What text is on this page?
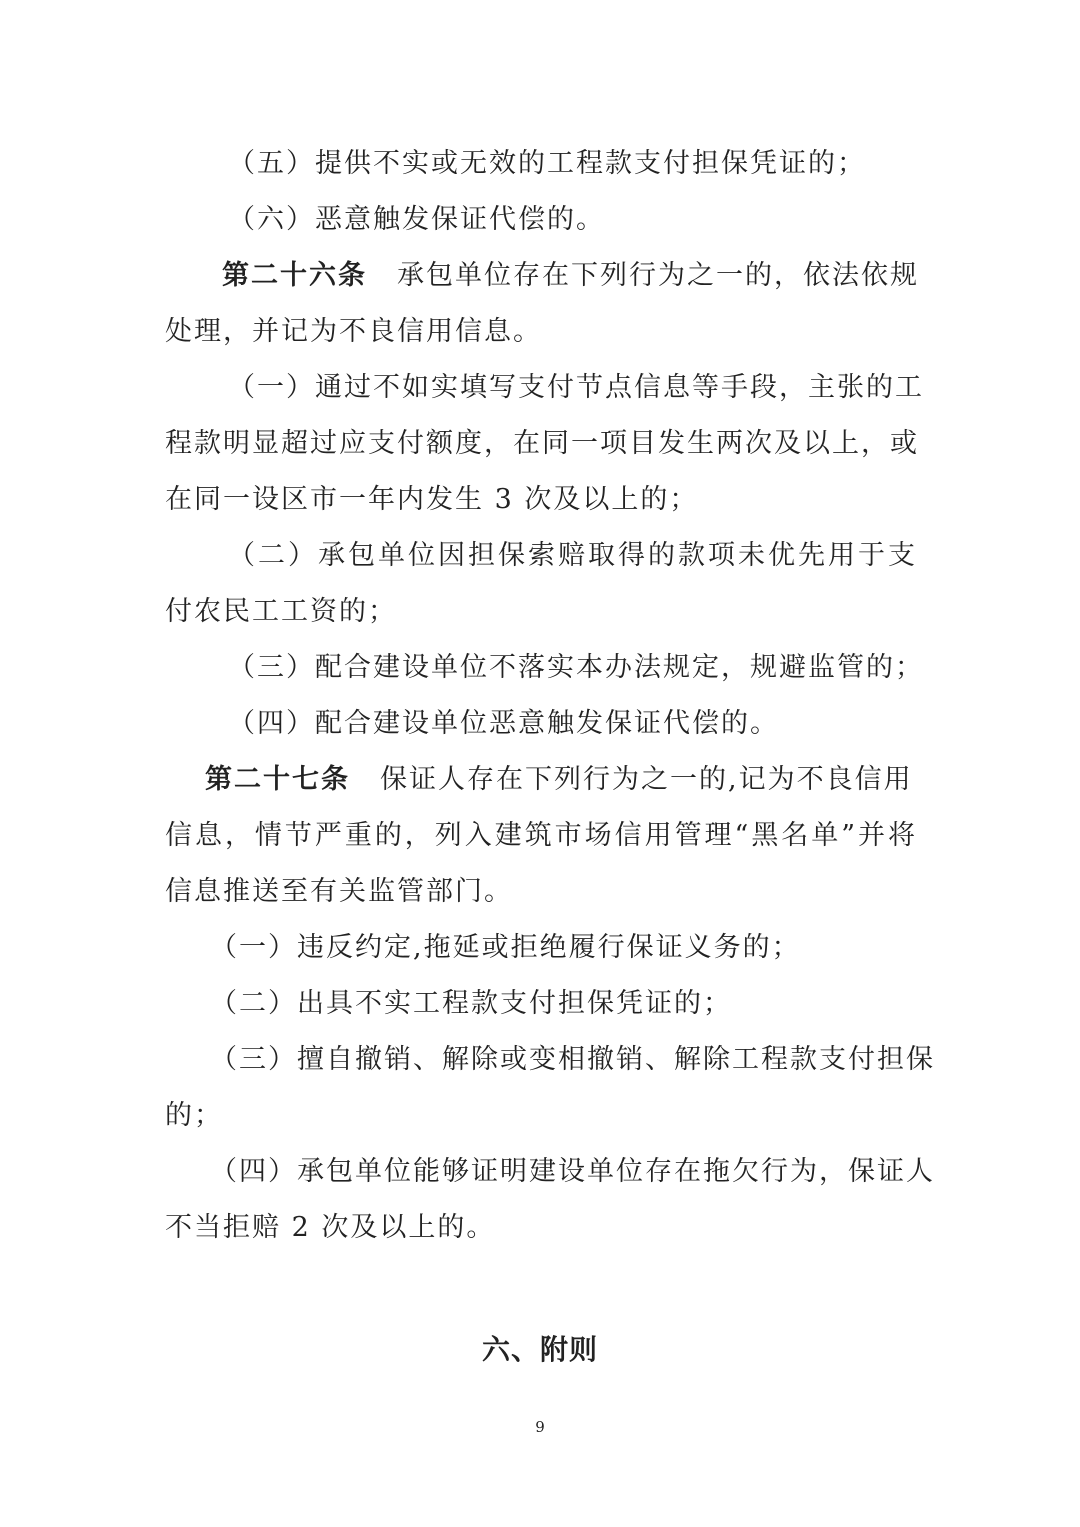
（五）提供不实或无效的工程款支付担保凭证的；
（六）恶意触发保证代偿的。
第二十六条 承包单位存在下列行为之一的，依法依规
处理，并记为不良信用信息。
（一）通过不如实填写支付节点信息等手段，主张的工
程款明显超过应支付额度，在同一项目发生两次及以上，或
在同一设区市一年内发生 3 次及以上的；
（二）承包单位因担保索赔取得的款项未优先用于支
付农民工工资的；
（三）配合建设单位不落实本办法规定，规避监管的；
（四）配合建设单位恶意触发保证代偿的。
第二十七条 保证人存在下列行为之一的,记为不良信用
信息，情节严重的，列入建筑市场信用管理“黑名单”并将
信息推送至有关监管部门。
（一）违反约定,拖延或拒绝履行保证义务的；
（二）出具不实工程款支付担保凭证的；
（三）擅自撤销、解除或变相撤销、解除工程款支付担保
的；
（四）承包单位能够证明建设单位存在拖欠行为，保证人
不当拒赔 2 次及以上的。
六、附则
9
